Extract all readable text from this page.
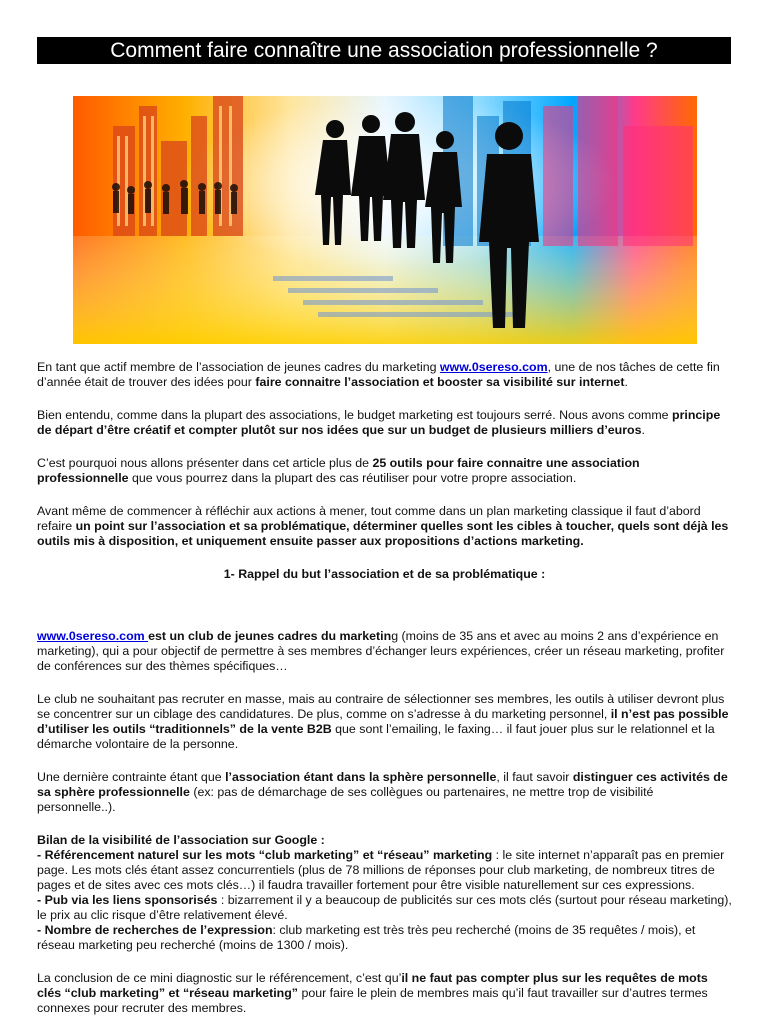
Comment faire connaître une association professionnelle ?

En tant que actif membre de l’association de jeunes cadres du marketing www.0sereso.com, une de nos tâches de cette fin d’année était de trouver des idées pour faire connaitre l’association et booster sa visibilité sur internet.

Bien entendu, comme dans la plupart des associations, le budget marketing est toujours serré. Nous avons comme principe de départ d’être créatif et compter plutôt sur nos idées que sur un budget de plusieurs milliers d’euros.

C’est pourquoi nous allons présenter dans cet article plus de 25 outils pour faire connaitre une association professionnelle que vous pourrez dans la plupart des cas réutiliser pour votre propre association.

Avant même de commencer à réfléchir aux actions à mener, tout comme dans un plan marketing classique il faut d’abord refaire un point sur l’association et sa problématique, déterminer quelles sont les cibles à toucher, quels sont déjà les outils mis à disposition, et uniquement ensuite passer aux propositions d’actions marketing.

1- Rappel du but l’association et de sa problématique :

www.0sereso.com est un club de jeunes cadres du marketing (moins de 35 ans et avec au moins 2 ans d’expérience en marketing), qui a pour objectif de permettre à ses membres d’échanger leurs expériences, créer un réseau marketing, profiter de conférences sur des thèmes spécifiques…

Le club ne souhaitant pas recruter en masse, mais au contraire de sélectionner ses membres, les outils à utiliser devront plus se concentrer sur un ciblage des candidatures. De plus, comme on s’adresse à du marketing personnel, il n’est pas possible d’utiliser les outils “traditionnels” de la vente B2B que sont l’emailing, le faxing… il faut jouer plus sur le relationnel et la démarche volontaire de la personne.

Une dernière contrainte étant que l’association étant dans la sphère personnelle, il faut savoir distinguer ces activités de sa sphère professionnelle (ex: pas de démarchage de ses collègues ou partenaires, ne mettre trop de visibilité personnelle..).

Bilan de la visibilité de l’association sur Google :

- Référencement naturel sur les mots “club marketing” et “réseau” marketing : le site internet n’apparaît pas en premier page. Les mots clés étant assez concurrentiels (plus de 78 millions de réponses pour club marketing, de nombreux titres de pages et de sites avec ces mots clés…) il faudra travailler fortement pour être visible naturellement sur ces expressions.

- Pub via les liens sponsorisés : bizarrement il y a beaucoup de publicités sur ces mots clés (surtout pour réseau marketing), le prix au clic risque d’être relativement élevé.

- Nombre de recherches de l’expression: club marketing est très très peu recherché (moins de 35 requêtes / mois), et réseau marketing peu recherché (moins de 1300 / mois).

La conclusion de ce mini diagnostic sur le référencement, c’est qu’il ne faut pas compter plus sur les requêtes de mots clés “club marketing” et “réseau marketing” pour faire le plein de membres mais qu’il faut travailler sur d’autres termes connexes pour recruter des membres.
